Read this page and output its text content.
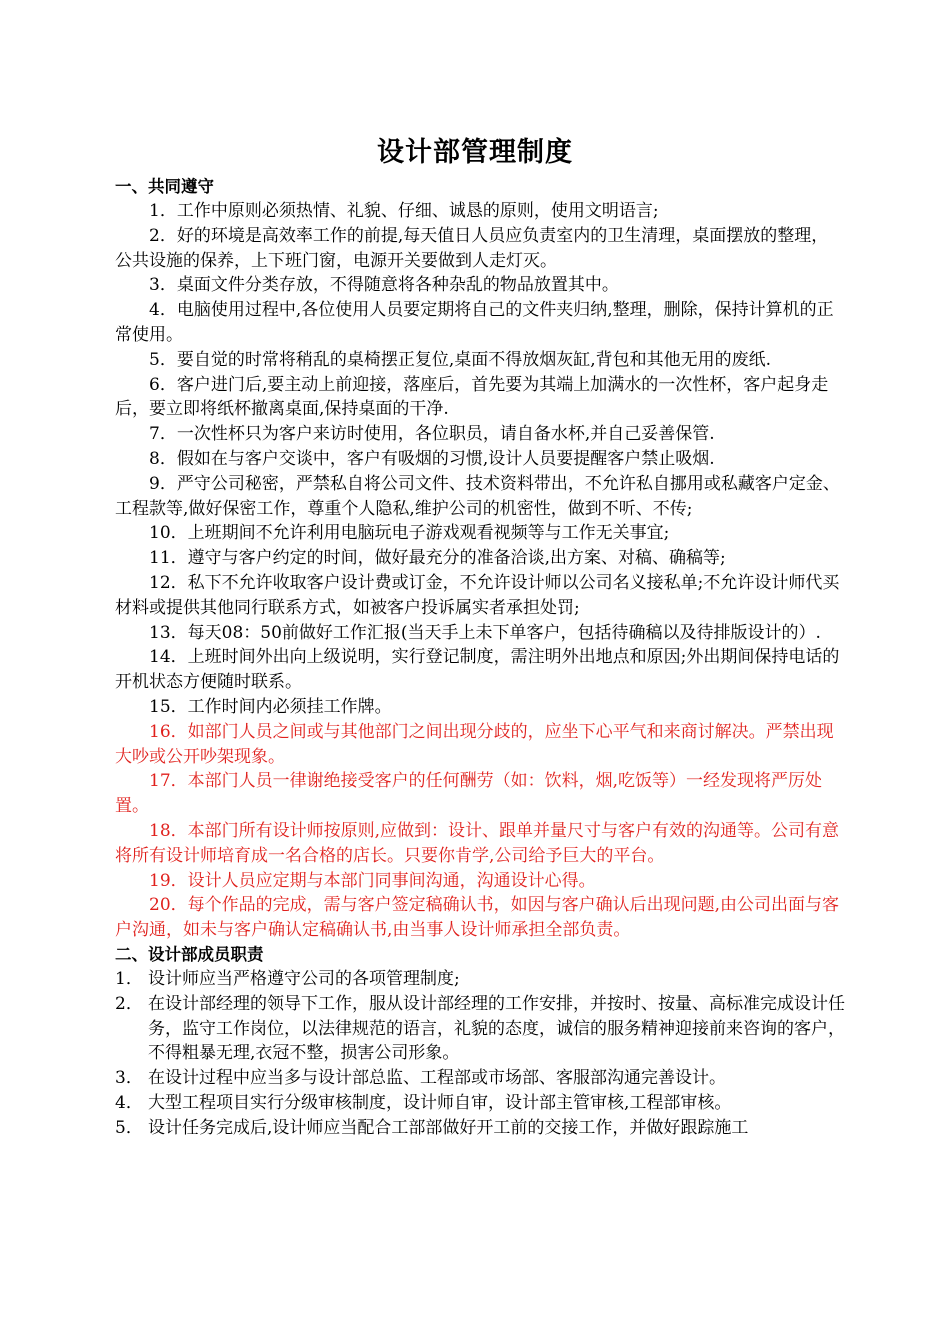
设计部管理制度
一、共同遵守
1．工作中原则必须热情、礼貌、仔细、诚恳的原则，使用文明语言;
2．好的环境是高效率工作的前提,每天值日人员应负责室内的卫生清理，桌面摆放的整理，公共设施的保养，上下班门窗，电源开关要做到人走灯灭。
3．桌面文件分类存放，不得随意将各种杂乱的物品放置其中。
4．电脑使用过程中,各位使用人员要定期将自己的文件夹归纳,整理，删除，保持计算机的正常使用。
5．要自觉的时常将稍乱的桌椅摆正复位,桌面不得放烟灰缸,背包和其他无用的废纸.
6．客户进门后,要主动上前迎接，落座后，首先要为其端上加满水的一次性杯，客户起身走后，要立即将纸杯撤离桌面,保持桌面的干净.
7．一次性杯只为客户来访时使用，各位职员，请自备水杯,并自己妥善保管.
8．假如在与客户交谈中，客户有吸烟的习惯,设计人员要提醒客户禁止吸烟.
9．严守公司秘密，严禁私自将公司文件、技术资料带出，不允许私自挪用或私藏客户定金、工程款等,做好保密工作，尊重个人隐私,维护公司的机密性，做到不听、不传;
10．上班期间不允许利用电脑玩电子游戏观看视频等与工作无关事宜;
11．遵守与客户约定的时间，做好最充分的准备洽谈,出方案、对稿、确稿等;
12．私下不允许收取客户设计费或订金，不允许设计师以公司名义接私单;不允许设计师代买材料或提供其他同行联系方式，如被客户投诉属实者承担处罚;
13．每天08：50前做好工作汇报(当天手上未下单客户，包括待确稿以及待排版设计的）.
14．上班时间外出向上级说明，实行登记制度，需注明外出地点和原因;外出期间保持电话的开机状态方便随时联系。
15．工作时间内必须挂工作牌。
16．如部门人员之间或与其他部门之间出现分歧的，应坐下心平气和来商讨解决。严禁出现大吵或公开吵架现象。
17．本部门人员一律谢绝接受客户的任何酬劳（如：饮料，烟,吃饭等）一经发现将严厉处置。
18．本部门所有设计师按原则,应做到：设计、跟单并量尺寸与客户有效的沟通等。公司有意将所有设计师培育成一名合格的店长。只要你肯学,公司给予巨大的平台。
19．设计人员应定期与本部门同事间沟通，沟通设计心得。
20．每个作品的完成，需与客户签定稿确认书，如因与客户确认后出现问题,由公司出面与客户沟通，如未与客户确认定稿确认书,由当事人设计师承担全部负责。
二、设计部成员职责
1． 设计师应当严格遵守公司的各项管理制度;
2． 在设计部经理的领导下工作，服从设计部经理的工作安排，并按时、按量、高标准完成设计任务，监守工作岗位，以法律规范的语言，礼貌的态度，诚信的服务精神迎接前来咨询的客户，不得粗暴无理,衣冠不整，损害公司形象。
3． 在设计过程中应当多与设计部总监、工程部或市场部、客服部沟通完善设计。
4． 大型工程项目实行分级审核制度，设计师自审，设计部主管审核,工程部审核。
5． 设计任务完成后,设计师应当配合工部部做好开工前的交接工作，并做好跟踪施工
